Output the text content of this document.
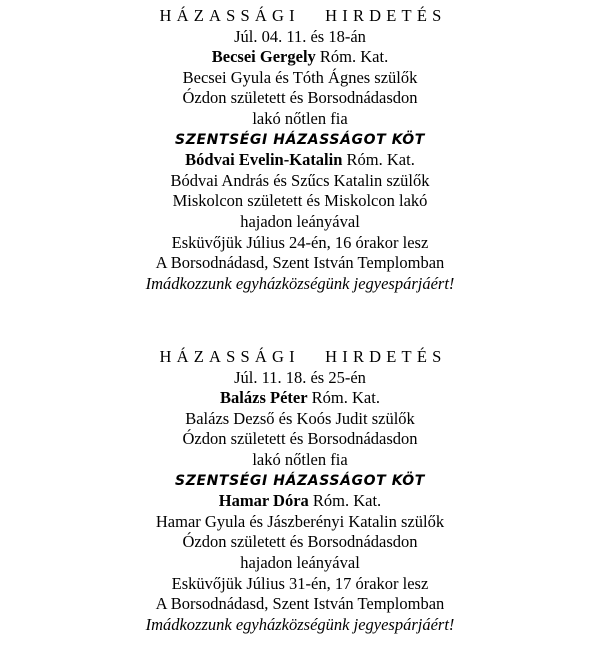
HÁZASSÁGI HIRDETÉS
Júl. 04. 11. és 18-án
Becsei Gergely Róm. Kat.
Becsei Gyula és Tóth Ágnes szülők
Ózdon született és Borsodnádasdon
lakó nőtlen fia
SZENTSÉGI HÁZASSÁGOT KÖT
Bódvai Evelin-Katalin Róm. Kat.
Bódvai András és Szűcs Katalin szülők
Miskolcon született és Miskolcon lakó
hajadon leányával
Esküvőjük Július 24-én, 16 órakor lesz
A Borsodnádasd, Szent István Templomban
Imádkozzunk egyházközségünk jegyespárjáért!
HÁZASSÁGI HIRDETÉS
Júl. 11. 18. és 25-én
Balázs Péter Róm. Kat.
Balázs Dezső és Koós Judit szülők
Ózdon született és Borsodnádasdon
lakó nőtlen fia
SZENTSÉGI HÁZASSÁGOT KÖT
Hamar Dóra Róm. Kat.
Hamar Gyula és Jászberényi Katalin szülők
Ózdon született és Borsodnádasdon
hajadon leányával
Esküvőjük Július 31-én, 17 órakor lesz
A Borsodnádasd, Szent István Templomban
Imádkozzunk egyházközségünk jegyespárjáért!
